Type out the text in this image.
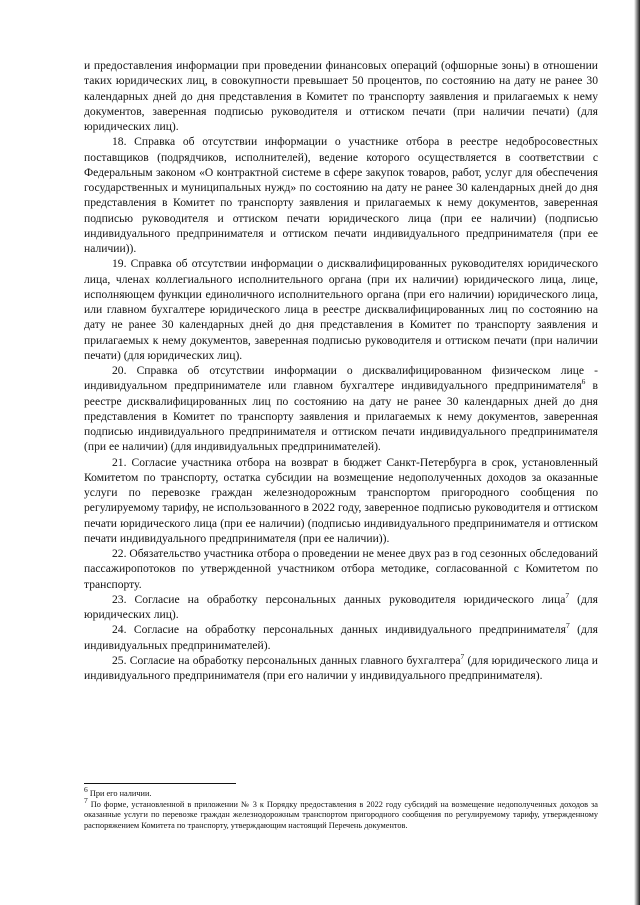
и предоставления информации при проведении финансовых операций (офшорные зоны) в отношении таких юридических лиц, в совокупности превышает 50 процентов, по состоянию на дату не ранее 30 календарных дней до дня представления в Комитет по транспорту заявления и прилагаемых к нему документов, заверенная подписью руководителя и оттиском печати (при наличии печати) (для юридических лиц).

18. Справка об отсутствии информации о участнике отбора в реестре недобросовестных поставщиков (подрядчиков, исполнителей), ведение которого осуществляется в соответствии с Федеральным законом «О контрактной системе в сфере закупок товаров, работ, услуг для обеспечения государственных и муниципальных нужд» по состоянию на дату не ранее 30 календарных дней до дня представления в Комитет по транспорту заявления и прилагаемых к нему документов, заверенная подписью руководителя и оттиском печати юридического лица (при ее наличии) (подписью индивидуального предпринимателя и оттиском печати индивидуального предпринимателя (при ее наличии)).

19. Справка об отсутствии информации о дисквалифицированных руководителях юридического лица, членах коллегиального исполнительного органа (при их наличии) юридического лица, лице, исполняющем функции единоличного исполнительного органа (при его наличии) юридического лица, или главном бухгалтере юридического лица в реестре дисквалифицированных лиц по состоянию на дату не ранее 30 календарных дней до дня представления в Комитет по транспорту заявления и прилагаемых к нему документов, заверенная подписью руководителя и оттиском печати (при наличии печати) (для юридических лиц).

20. Справка об отсутствии информации о дисквалифицированном физическом лице - индивидуальном предпринимателе или главном бухгалтере индивидуального предпринимателя$^6$ в реестре дисквалифицированных лиц по состоянию на дату не ранее 30 календарных дней до дня представления в Комитет по транспорту заявления и прилагаемых к нему документов, заверенная подписью индивидуального предпринимателя и оттиском печати индивидуального предпринимателя (при ее наличии) (для индивидуальных предпринимателей).

21. Согласие участника отбора на возврат в бюджет Санкт-Петербурга в срок, установленный Комитетом по транспорту, остатка субсидии на возмещение недополученных доходов за оказанные услуги по перевозке граждан железнодорожным транспортом пригородного сообщения по регулируемому тарифу, не использованного в 2022 году, заверенное подписью руководителя и оттиском печати юридического лица (при ее наличии) (подписью индивидуального предпринимателя и оттиском печати индивидуального предпринимателя (при ее наличии)).

22. Обязательство участника отбора о проведении не менее двух раз в год сезонных обследований пассажиропотоков по утвержденной участником отбора методике, согласованной с Комитетом по транспорту.

23. Согласие на обработку персональных данных руководителя юридического лица$^7$ (для юридических лиц).

24. Согласие на обработку персональных данных индивидуального предпринимателя$^7$ (для индивидуальных предпринимателей).

25. Согласие на обработку персональных данных главного бухгалтера$^7$ (для юридического лица и индивидуального предпринимателя (при его наличии у индивидуального предпринимателя).

$^6$ При его наличии.

$^7$ По форме, установленной в приложении № 3 к Порядку предоставления в 2022 году субсидий на возмещение недополученных доходов за оказанные услуги по перевозке граждан железнодорожным транспортом пригородного сообщения по регулируемому тарифу, утвержденному распоряжением Комитета по транспорту, утверждающим настоящий Перечень документов.
